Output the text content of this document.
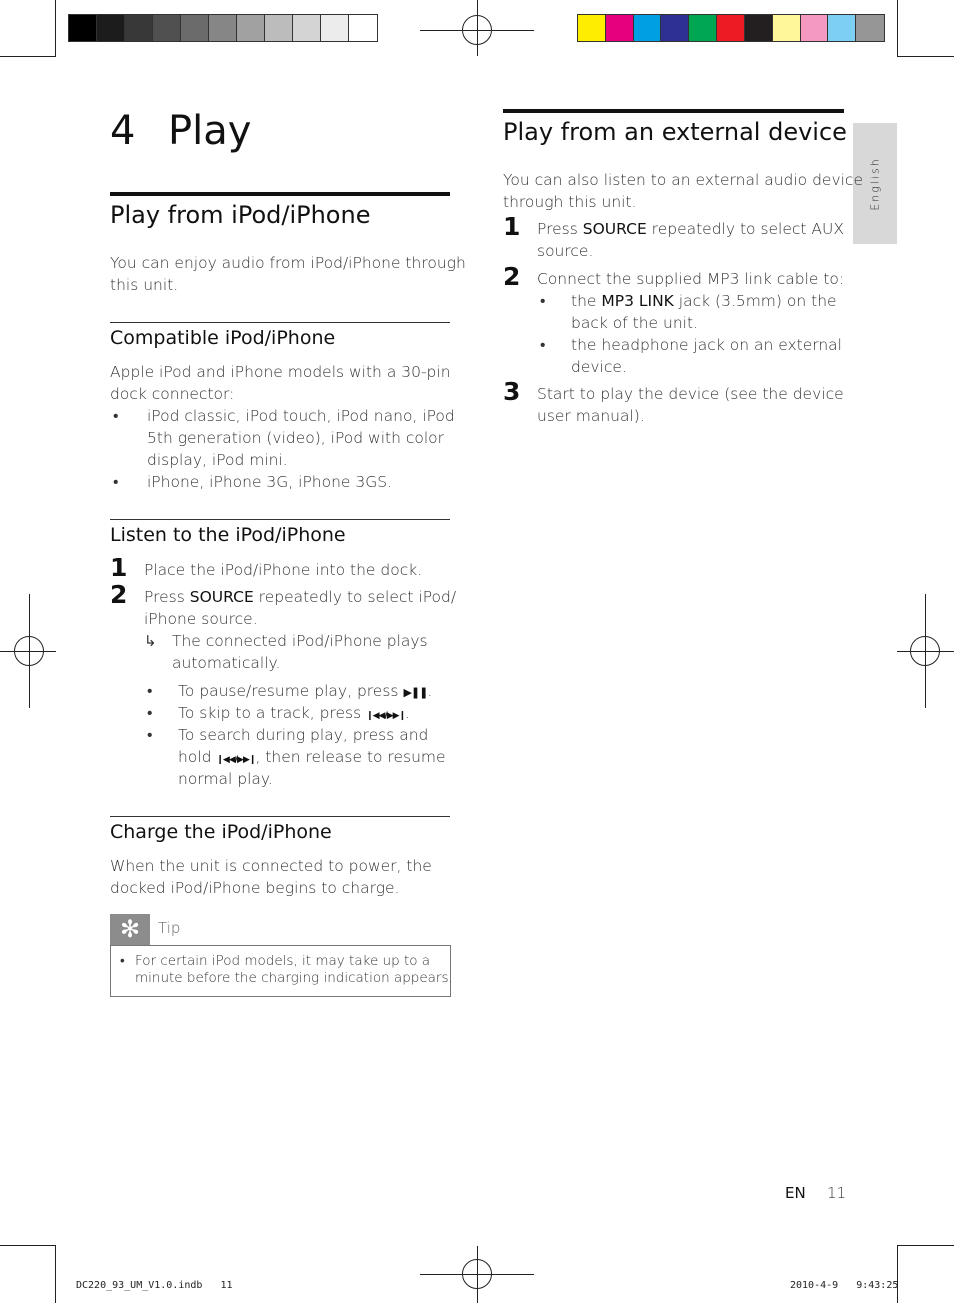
English
4 Play
Play from iPod/iPhone
You can enjoy audio from iPod/iPhone through
this unit.
Compatible iPod/iPhone
Apple iPod and iPhone models with a 30-pin
dock connector:
• iPod classic, iPod touch, iPod nano, iPod
5th generation (video), iPod with color
display, iPod mini.
• iPhone, iPhone 3G, iPhone 3GS.
Listen to the iPod/iPhone
1 Place the iPod/iPhone into the dock.
2 Press SOURCE repeatedly to select iPod/
iPhone source.
↳ The connected iPod/iPhone plays
automatically.
• To pause/resume play, press ▶❚❚.
• To skip to a track, press ❙◀◀/▶▶❙.
• To search during play, press and
hold ❙◀◀/▶▶❙, then release to resume
normal play.
Charge the iPod/iPhone
When the unit is connected to power, the
docked iPod/iPhone begins to charge.
✻	Tip
• For certain iPod models, it may take up to a
minute before the charging indication appears.
Play from an external device
You can also listen to an external audio device
through this unit.
1 Press SOURCE repeatedly to select AUX
source.
2 Connect the supplied MP3 link cable to:
• the MP3 LINK jack (3.5mm) on the
back of the unit.
• the headphone jack on an external
device.
3 Start to play the device (see the device
user manual).
EN 11
DC220_93_UM_V1.0.indb   11	2010-4-9   9:43:25
